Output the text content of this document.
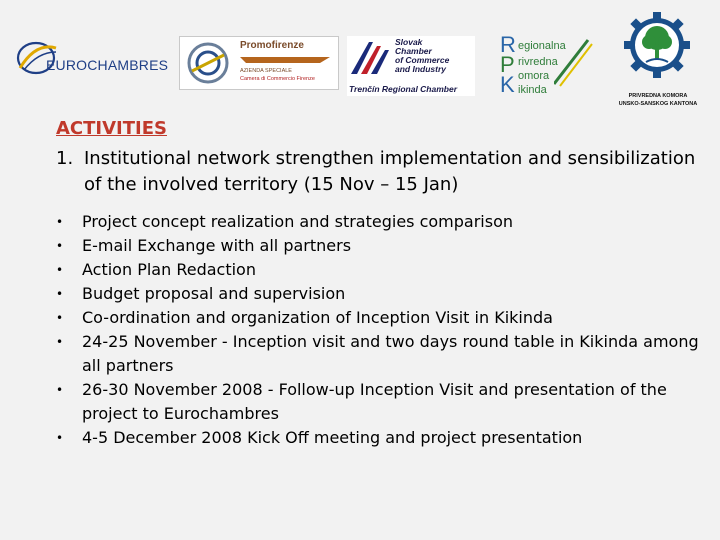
EUROCHAMBRES
Promofirenze
AZIENDA SPECIALE
Camera di Commercio Firenze
Slovak
Chamber
of Commerce
and Industry
Trenčín Regional Chamber
R egionalna
P rivredna
K omora
ikinda	PRIVREDNA KOMORA
UNSKO-SANSKOG KANTONA
ACTIVITIES
1. Institutional network strengthen implementation and sensibilization of the involved territory (15 Nov – 15 Jan)
• Project concept realization and strategies comparison
• E-mail Exchange with all partners
• Action Plan Redaction
• Budget proposal and supervision
• Co-ordination and organization of Inception Visit in Kikinda
• 24-25 November - Inception visit and two days round table in Kikinda among all partners
• 26-30 November 2008 - Follow-up Inception Visit and presentation of the project to Eurochambres
• 4-5 December 2008 Kick Off meeting and project presentation
